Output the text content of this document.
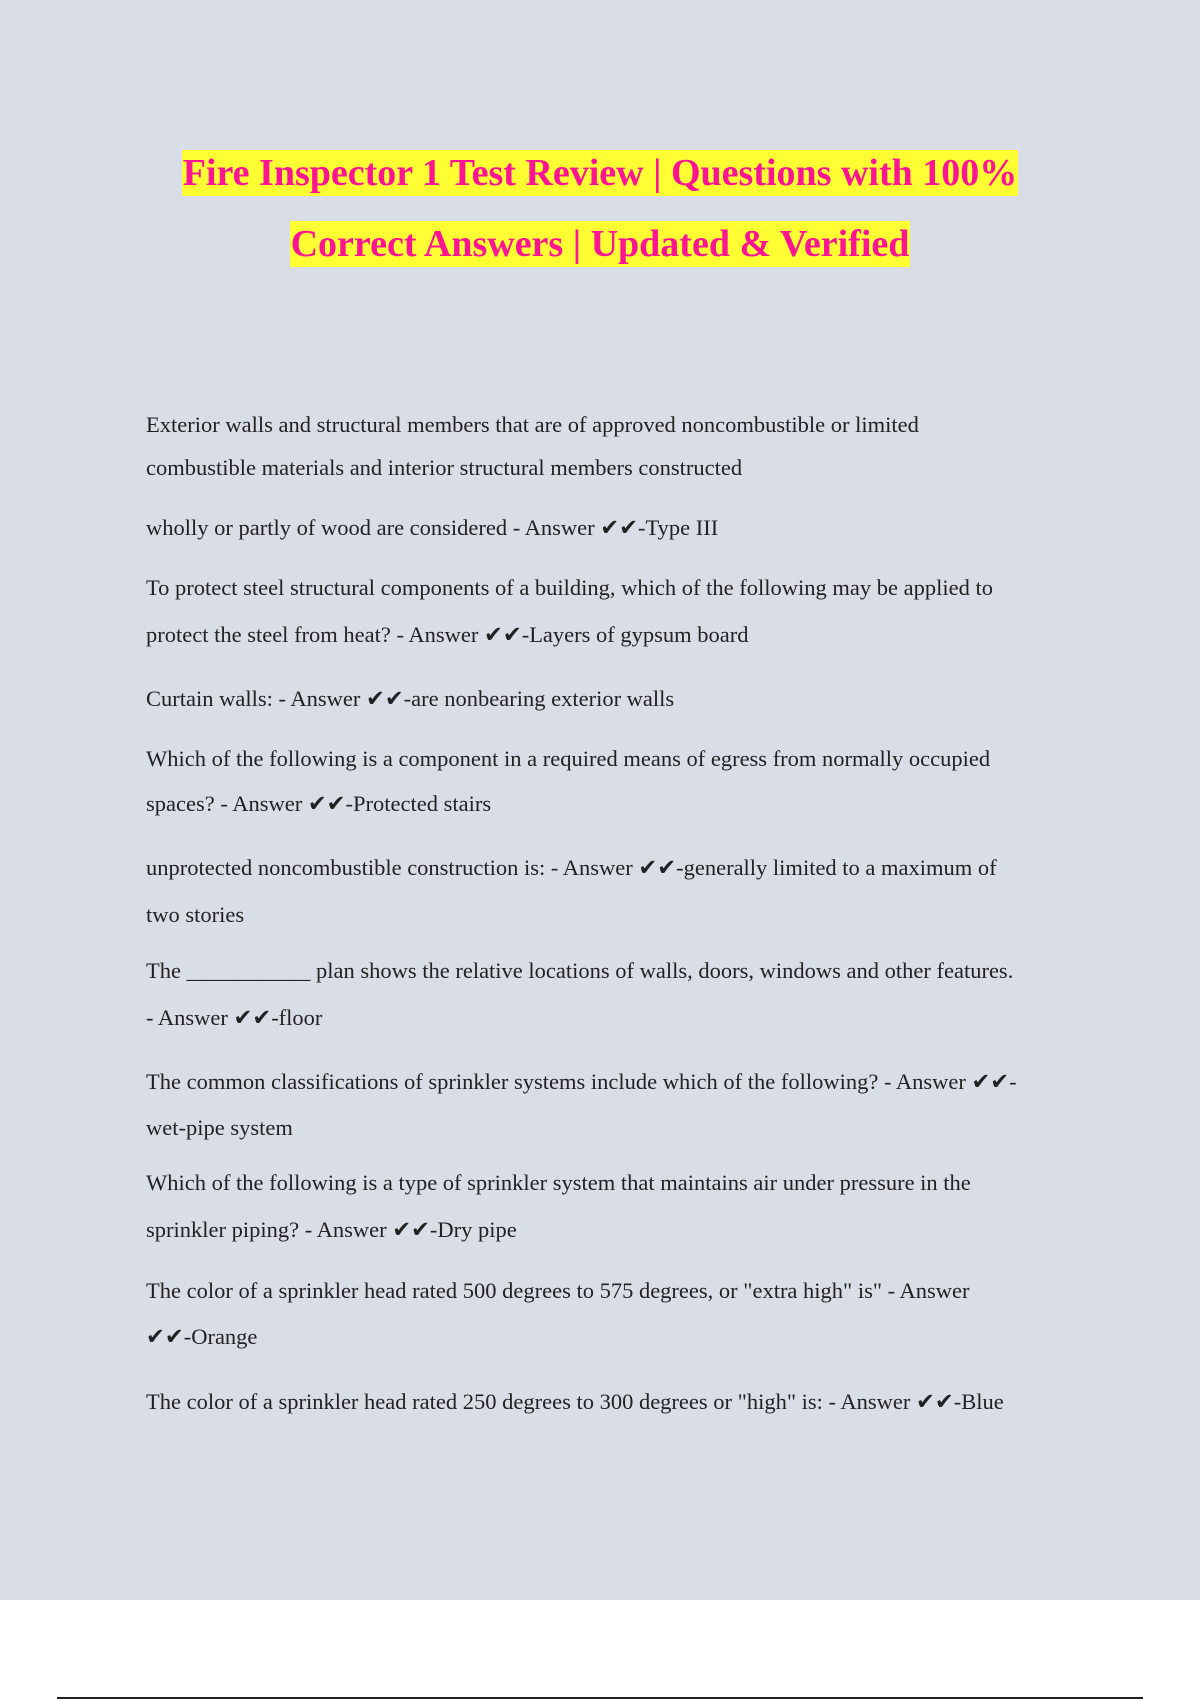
Fire Inspector 1 Test Review | Questions with 100%
Correct Answers | Updated & Verified

Exterior walls and structural members that are of approved noncombustible or limited

combustible materials and interior structural members constructed

wholly or partly of wood are considered - Answer ✔✔-Type III

To protect steel structural components of a building, which of the following may be applied to

protect the steel from heat? - Answer ✔✔-Layers of gypsum board

Curtain walls: - Answer ✔✔-are nonbearing exterior walls

Which of the following is a component in a required means of egress from normally occupied

spaces? - Answer ✔✔-Protected stairs

unprotected noncombustible construction is: - Answer ✔✔-generally limited to a maximum of

two stories

The ___________ plan shows the relative locations of walls, doors, windows and other features.

- Answer ✔✔-floor

The common classifications of sprinkler systems include which of the following? - Answer ✔✔-

wet-pipe system

Which of the following is a type of sprinkler system that maintains air under pressure in the

sprinkler piping? - Answer ✔✔-Dry pipe

The color of a sprinkler head rated 500 degrees to 575 degrees, or "extra high" is" - Answer

✔✔-Orange

The color of a sprinkler head rated 250 degrees to 300 degrees or "high" is: - Answer ✔✔-Blue
